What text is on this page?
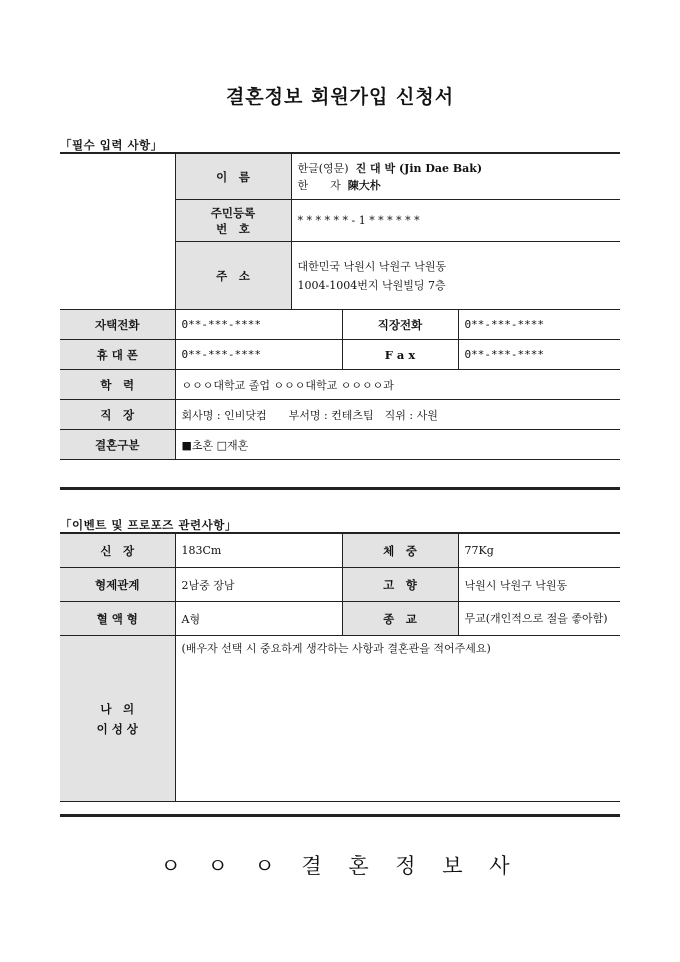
결혼정보 회원가입 신청서
「필수 입력 사항」
	이　름	한글(영문) 진 대 박 (Jin Dae Bak)
한　　자 陳大朴		

	주민등록
번　호	* * * * * * - 1 * * * * * *		
	주　소	대한민국 낙원시 낙원구 낙원동
1004-1004번지 낙원빌딩 7층		

자택전화	0**-***-****		직장전화	0**-***-****
휴 대 폰	0**-***-****		F a x	0**-***-****
학　력	ㅇㅇㅇ대학교 졸업 ㅇㅇㅇ대학교 ㅇㅇㅇㅇ과			
직　장	회사명 : 인비닷컴　　부서명 : 컨테츠팀　직위 : 사원			
결혼구분	■초혼 □재혼			
「이벤트 및 프로포즈 관련사항」
신　장	183Cm	체　중	77Kg
형제관계	2남중 장남	고　향	낙원시 낙원구 낙원동
혈 액 형	A형	종　교	무교(개인적으로 절을 좋아함)

나　의
이 성 상	(배우자 선택 시 중요하게 생각하는 사항과 결혼관을 적어주세요)		
ㅇ ㅇ ㅇ 결 혼 정 보 사
